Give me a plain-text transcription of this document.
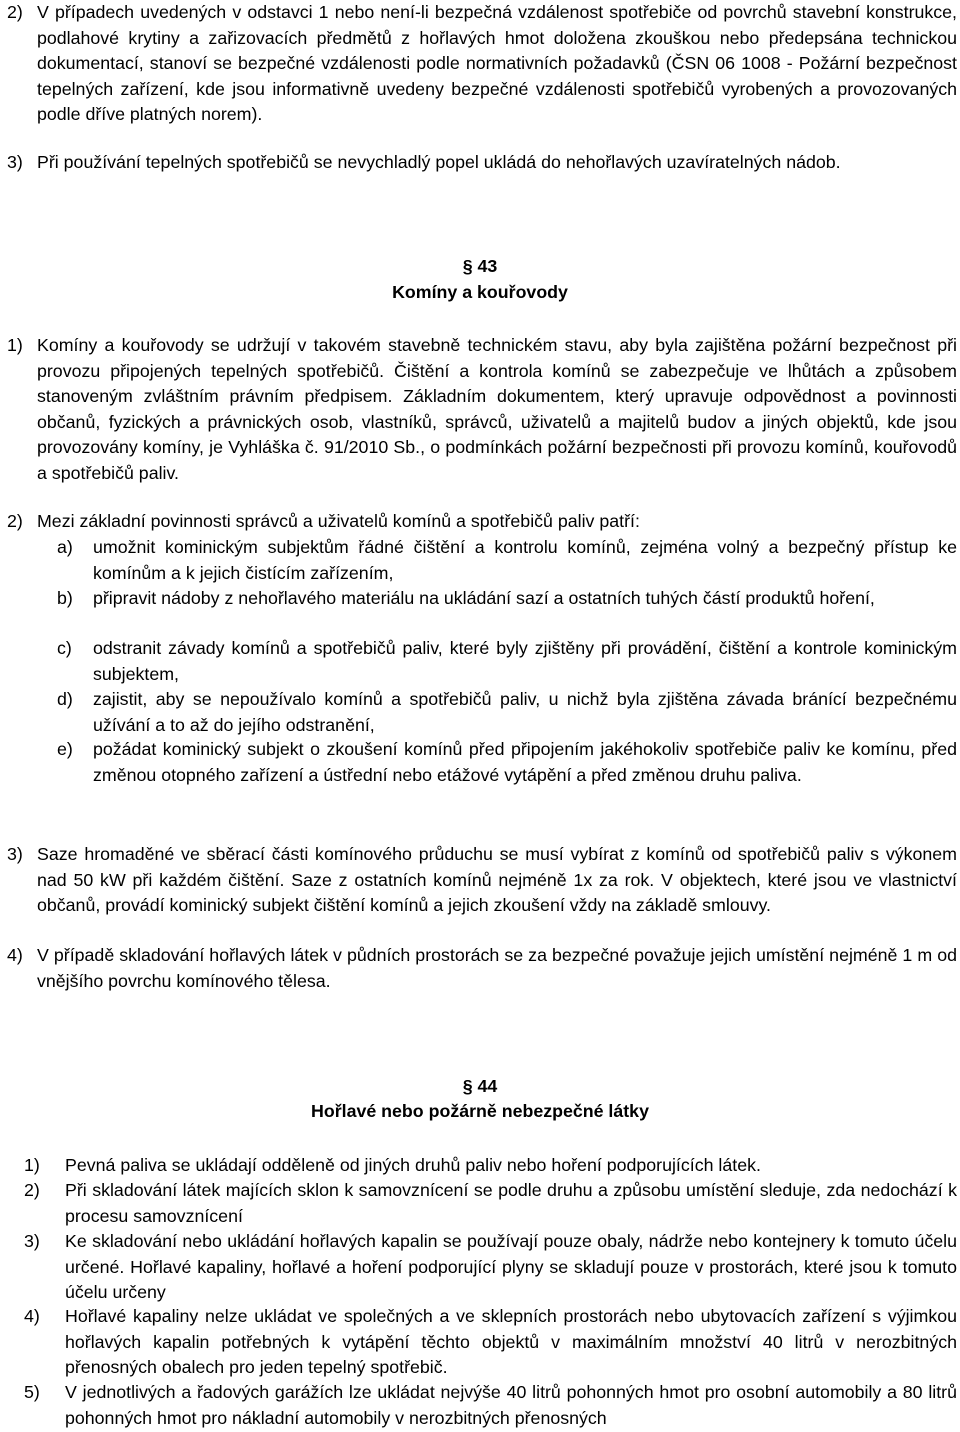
2) V případech uvedených v odstavci 1 nebo není-li bezpečná vzdálenost spotřebiče od povrchů stavební konstrukce, podlahové krytiny a zařizovacích předmětů z hořlavých hmot doložena zkouškou nebo předepsána technickou dokumentací, stanoví se bezpečné vzdálenosti podle normativních požadavků (ČSN 06 1008 - Požární bezpečnost tepelných zařízení, kde jsou informativně uvedeny bezpečné vzdálenosti spotřebičů vyrobených a provozovaných podle dříve platných norem).
3) Při používání tepelných spotřebičů se nevychladlý popel ukládá do nehořlavých uzavíratelných nádob.
§ 43
Komíny a kouřovody
1) Komíny a kouřovody se udržují v takovém stavebně technickém stavu, aby byla zajištěna požární bezpečnost při provozu připojených tepelných spotřebičů. Čištění a kontrola komínů se zabezpečuje ve lhůtách a způsobem stanoveným zvláštním právním předpisem. Základním dokumentem, který upravuje odpovědnost a povinnosti občanů, fyzických a právnických osob, vlastníků, správců, uživatelů a majitelů budov a jiných objektů, kde jsou provozovány komíny, je Vyhláška č. 91/2010 Sb., o podmínkách požární bezpečnosti při provozu komínů, kouřovodů a spotřebičů paliv.
2) Mezi základní povinnosti správců a uživatelů komínů a spotřebičů paliv patří:
a) umožnit kominickým subjektům řádné čištění a kontrolu komínů, zejména volný a bezpečný přístup ke komínům a k jejich čistícím zařízením,
b) připravit nádoby z nehořlavého materiálu na ukládání sazí a ostatních tuhých částí produktů hoření,
c) odstranit závady komínů a spotřebičů paliv, které byly zjištěny při provádění, čištění a kontrole kominickým subjektem,
d) zajistit, aby se nepoužívalo komínů a spotřebičů paliv, u nichž byla zjištěna závada bránící bezpečnému užívání a to až do jejího odstranění,
e) požádat kominický subjekt o zkoušení komínů před připojením jakéhokoliv spotřebiče paliv ke komínu, před změnou otopného zařízení a ústřední nebo etážové vytápění a před změnou druhu paliva.
3) Saze hromaděné ve sběrací části komínového průduchu se musí vybírat z komínů od spotřebičů paliv s výkonem nad 50 kW při každém čištění. Saze z ostatních komínů nejméně 1x za rok. V objektech, které jsou ve vlastnictví občanů, provádí kominický subjekt čištění komínů a jejich zkoušení vždy na základě smlouvy.
4) V případě skladování hořlavých látek v půdních prostorách se za bezpečné považuje jejich umístění nejméně 1 m od vnějšího povrchu komínového tělesa.
§ 44
Hořlavé nebo požárně nebezpečné látky
1) Pevná paliva se ukládají odděleně od jiných druhů paliv nebo hoření podporujících látek.
2) Při skladování látek majících sklon k samovznícení se podle druhu a způsobu umístění sleduje, zda nedochází k procesu samovznícení
3) Ke skladování nebo ukládání hořlavých kapalin se používají pouze obaly, nádrže nebo kontejnery k tomuto účelu určené. Hořlavé kapaliny, hořlavé a hoření podporující plyny se skladují pouze v prostorách, které jsou k tomuto účelu určeny
4) Hořlavé kapaliny nelze ukládat ve společných a ve sklepních prostorách nebo ubytovacích zařízení s výjimkou hořlavých kapalin potřebných k vytápění těchto objektů v maximálním množství 40 litrů v nerozbitných přenosných obalech pro jeden tepelný spotřebič.
5) V jednotlivých a řadových garážích lze ukládat nejvýše 40 litrů pohonných hmot pro osobní automobily a 80 litrů pohonných hmot pro nákladní automobily v nerozbitných přenosných
